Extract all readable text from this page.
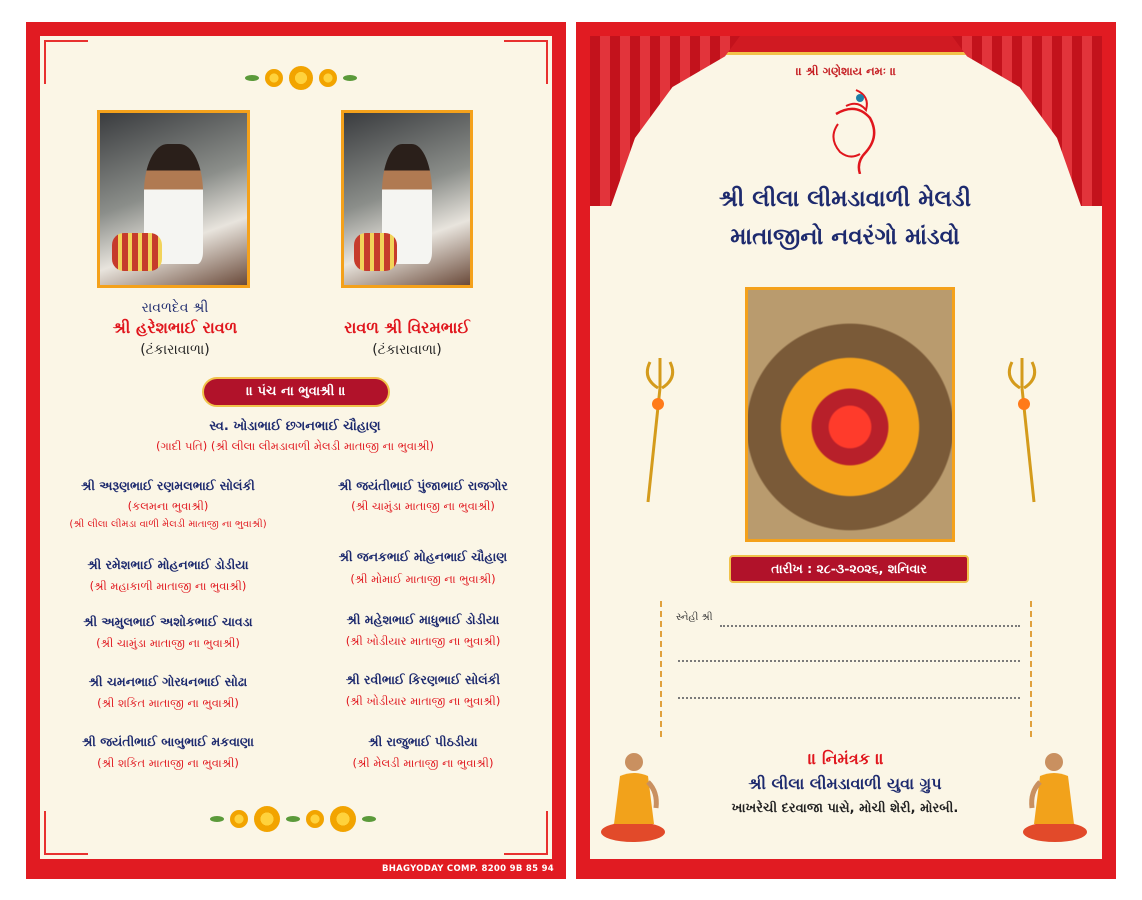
રાવળદેવ શ્રી
શ્રી હરેશભાઈ રાવળ
(ટંકારાવાળા)
રાવળ શ્રી વિરમભાઈ
(ટંકારાવાળા)
॥ પંચ ના ભુવાશ્રી ॥
સ્વ. ખોડાભાઈ છગનભાઈ ચૌહાણ
(ગાદી પતિ) (શ્રી લીલા લીમડાવાળી મેલડી માતાજી ના ભુવાશ્રી)
શ્રી અરૂણભાઈ રણમલભાઈ સોલંકી
(કલમના ભુવાશ્રી)
(શ્રી લીલા લીમડા વાળી મેલડી માતાજી ના ભુવાશ્રી)
શ્રી રમેશભાઈ મોહનભાઈ ડોડીયા
(શ્રી મહાકાળી માતાજી ના ભુવાશ્રી)
શ્રી અમુલભાઈ અશોકભાઈ ચાવડા
(શ્રી ચામુંડા માતાજી ના ભુવાશ્રી)
શ્રી ચમનભાઈ ગોરધનભાઈ સોઢા
(શ્રી શકિત માતાજી ના ભુવાશ્રી)
શ્રી જયંતીભાઈ બાબુભાઈ મકવાણા
(શ્રી શકિત માતાજી ના ભુવાશ્રી)
શ્રી જયંતીભાઈ પુંજાભાઈ રાજગોર
(શ્રી ચામુંડા માતાજી ના ભુવાશ્રી)
શ્રી જનકભાઈ મોહનભાઈ ચૌહાણ
(શ્રી મોમાઈ માતાજી ના ભુવાશ્રી)
શ્રી મહેશભાઈ માધુભાઈ ડોડીયા
(શ્રી ખોડીયાર માતાજી ના ભુવાશ્રી)
શ્રી રવીભાઈ કિરણભાઈ સોલંકી
(શ્રી ખોડીયાર માતાજી ના ભુવાશ્રી)
શ્રી રાજુભાઈ પીઠડીયા
(શ્રી મેલડી માતાજી ના ભુવાશ્રી)
BHAGYODAY COMP. 8200 9B 85 94
॥ શ્રી ગણેશાય નમઃ ॥
શ્રી લીલા લીમડાવાળી મેલડી
માતાજીનો નવરંગો માંડવો
તારીખ : ૨૮-૩-૨૦૨૬, શનિવાર
સ્નેહી શ્રી
॥ નિમંત્રક ॥
શ્રી લીલા લીમડાવાળી યુવા ગ્રુપ
ખાખરેચી દરવાજા પાસે, મોચી શેરી, મોરબી.
